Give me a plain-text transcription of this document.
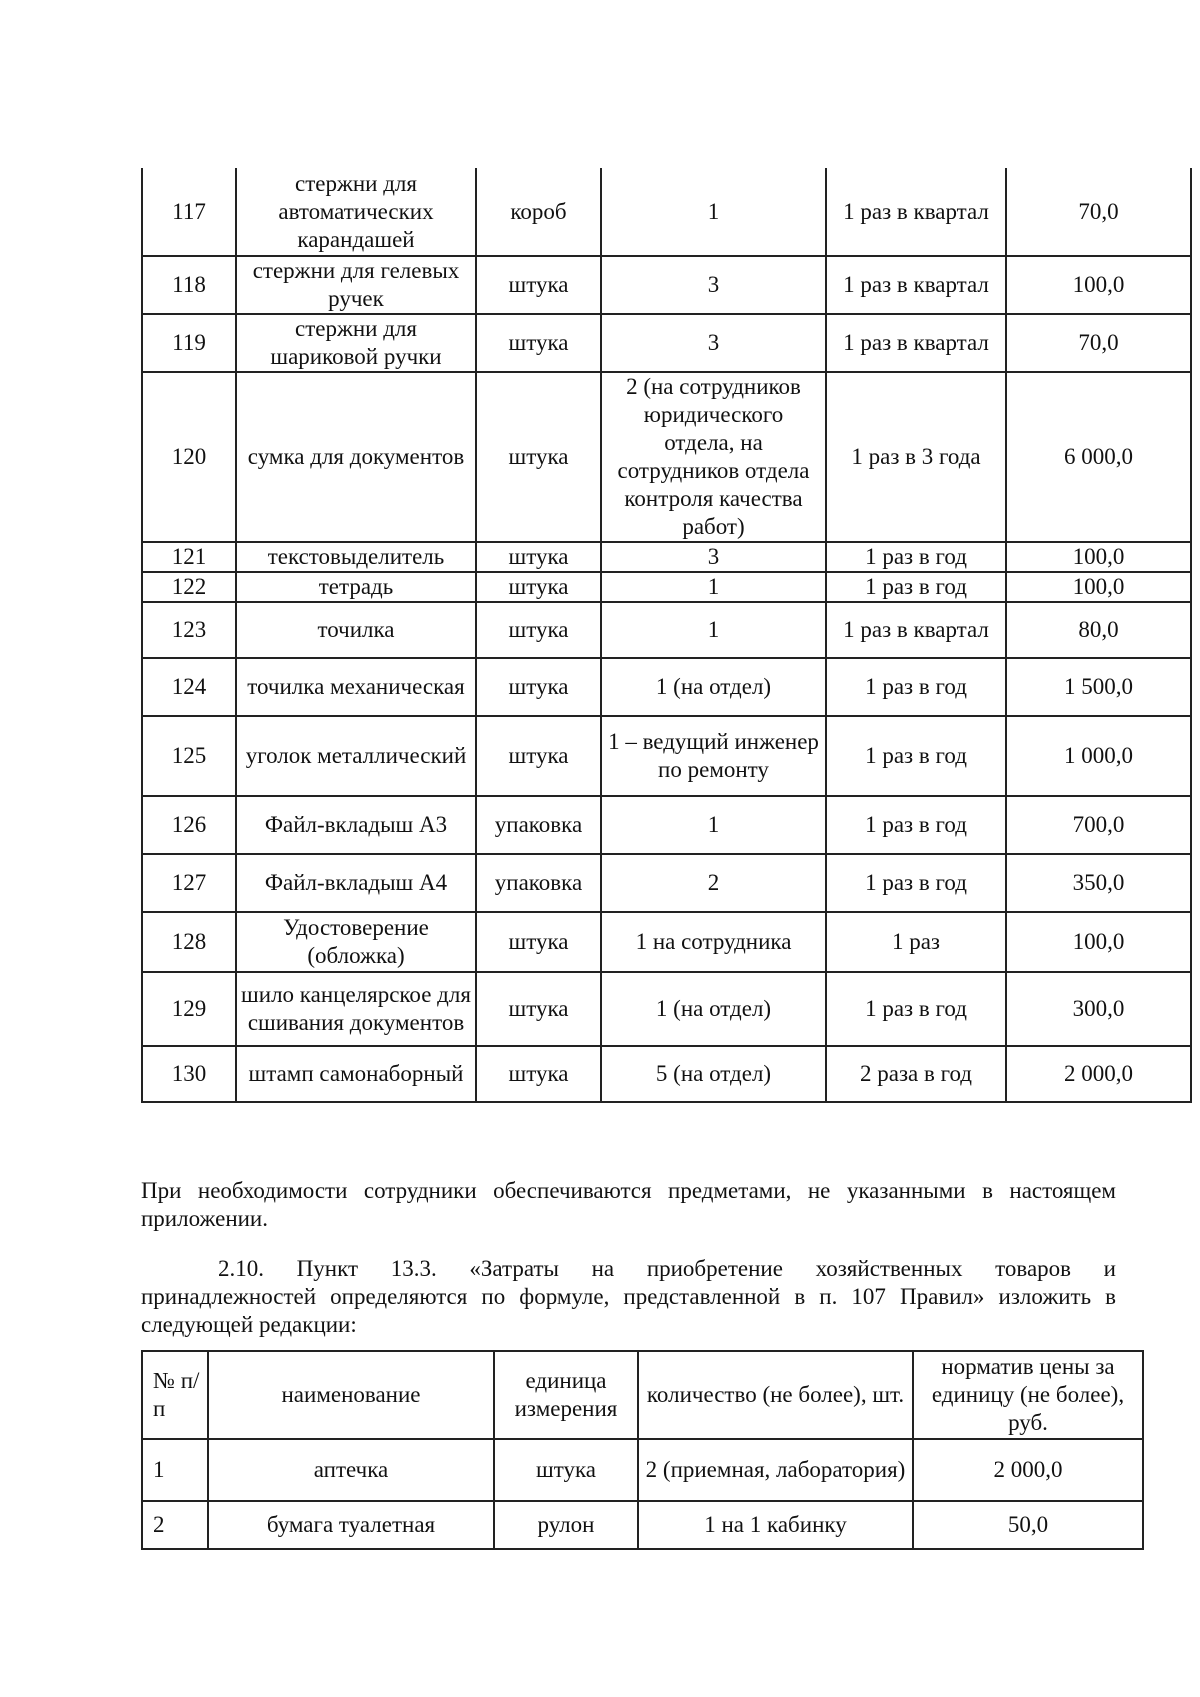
117	стержни для автоматических карандашей	короб	1	1 раз в квартал	70,0
118	стержни для гелевых ручек	штука	3	1 раз в квартал	100,0
119	стержни для шариковой ручки	штука	3	1 раз в квартал	70,0
120	сумка для документов	штука	2 (на сотрудников юридического отдела, на сотрудников отдела контроля качества работ)	1 раз в 3 года	6 000,0
121	текстовыделитель	штука	3	1 раз в год	100,0
122	тетрадь	штука	1	1 раз в год	100,0
123	точилка	штука	1	1 раз в квартал	80,0
124	точилка механическая	штука	1 (на отдел)	1 раз в год	1 500,0
125	уголок металлический	штука	1 – ведущий инженер по ремонту	1 раз в год	1 000,0
126	Файл-вкладыш А3	упаковка	1	1 раз в год	700,0
127	Файл-вкладыш А4	упаковка	2	1 раз в год	350,0
128	Удостоверение (обложка)	штука	1 на сотрудника	1 раз	100,0
129	шило канцелярское для сшивания документов	штука	1 (на отдел)	1 раз в год	300,0
130	штамп самонаборный	штука	5 (на отдел)	2 раза в год	2 000,0
При необходимости сотрудники обеспечиваются предметами, не указанными в настоящем приложении.
2.10. Пункт 13.3. «Затраты на приобретение хозяйственных товаров и
принадлежностей определяются по формуле, представленной в п. 107 Правил» изложить в следующей редакции:
№ п/п	наименование	единица измерения	количество (не более), шт.	норматив цены за единицу (не более), руб.
1	аптечка	штука	2 (приемная, лаборатория)	2 000,0
2	бумага туалетная	рулон	1 на 1 кабинку	50,0
